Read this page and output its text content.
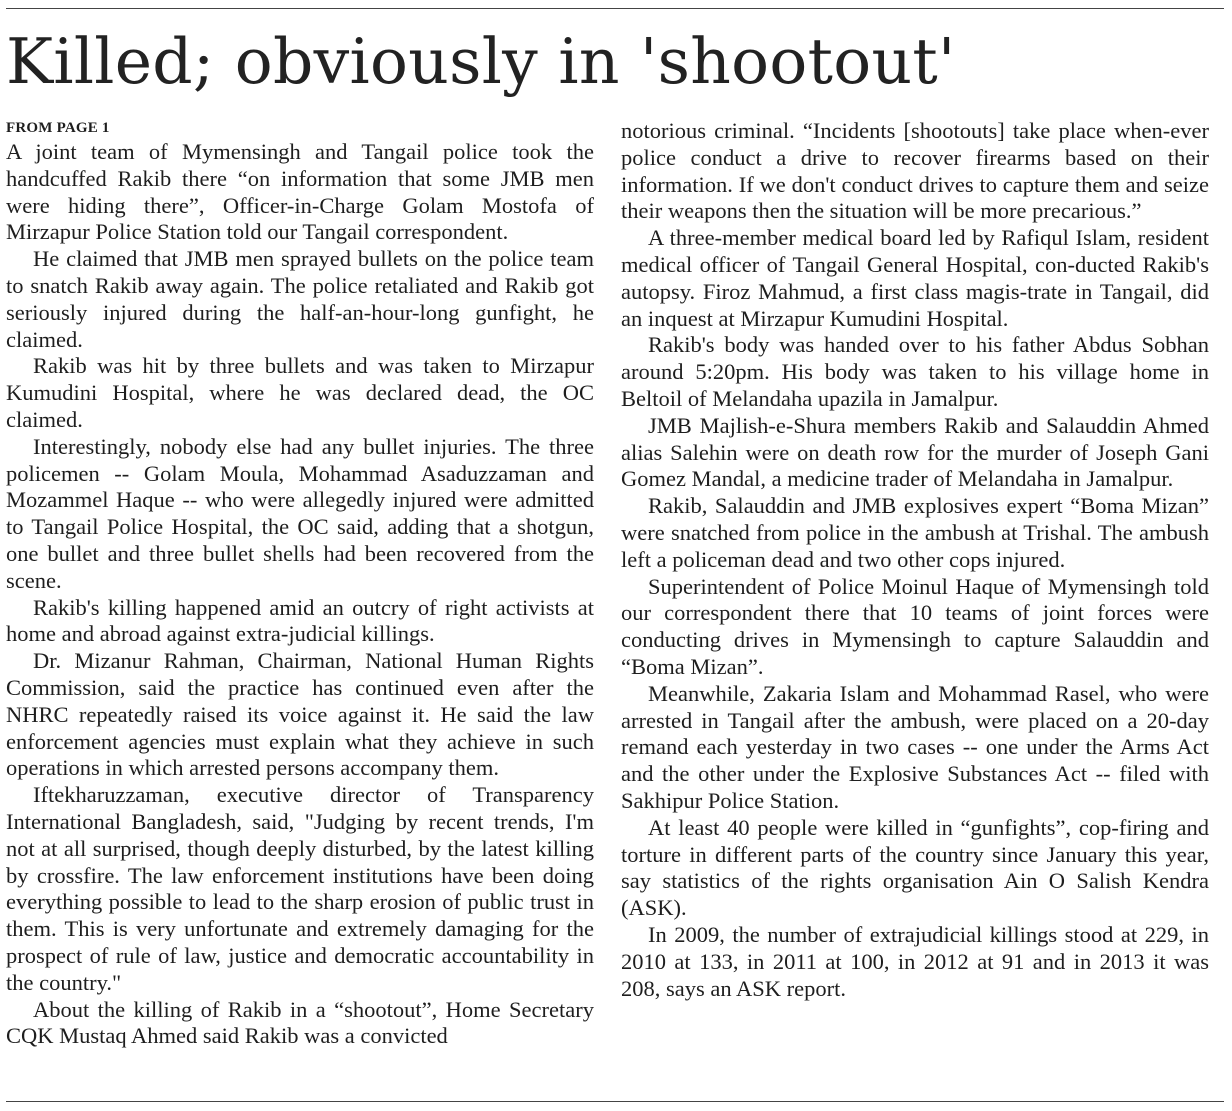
Killed; obviously in 'shootout'
FROM PAGE 1

A joint team of Mymensingh and Tangail police took the handcuffed Rakib there “on information that some JMB men were hiding there”, Officer-in-Charge Golam Mostofa of Mirzapur Police Station told our Tangail correspondent.

He claimed that JMB men sprayed bullets on the police team to snatch Rakib away again. The police retaliated and Rakib got seriously injured during the half-an-hour-long gunfight, he claimed.

Rakib was hit by three bullets and was taken to Mirzapur Kumudini Hospital, where he was declared dead, the OC claimed.

Interestingly, nobody else had any bullet injuries. The three policemen -- Golam Moula, Mohammad Asaduzzaman and Mozammel Haque -- who were allegedly injured were admitted to Tangail Police Hospital, the OC said, adding that a shotgun, one bullet and three bullet shells had been recovered from the scene.

Rakib's killing happened amid an outcry of right activists at home and abroad against extra-judicial killings.

Dr. Mizanur Rahman, Chairman, National Human Rights Commission, said the practice has continued even after the NHRC repeatedly raised its voice against it. He said the law enforcement agencies must explain what they achieve in such operations in which arrested persons accompany them.

Iftekharuzzaman, executive director of Transparency International Bangladesh, said, "Judging by recent trends, I'm not at all surprised, though deeply disturbed, by the latest killing by crossfire. The law enforcement institutions have been doing everything possible to lead to the sharp erosion of public trust in them. This is very unfortunate and extremely damaging for the prospect of rule of law, justice and democratic accountability in the country."

About the killing of Rakib in a “shootout”, Home Secretary CQK Mustaq Ahmed said Rakib was a convicted

notorious criminal. “Incidents [shootouts] take place when-ever police conduct a drive to recover firearms based on their information. If we don't conduct drives to capture them and seize their weapons then the situation will be more precarious.”

A three-member medical board led by Rafiqul Islam, resident medical officer of Tangail General Hospital, con-ducted Rakib's autopsy. Firoz Mahmud, a first class magis-trate in Tangail, did an inquest at Mirzapur Kumudini Hospital.

Rakib's body was handed over to his father Abdus Sobhan around 5:20pm. His body was taken to his village home in Beltoil of Melandaha upazila in Jamalpur.

JMB Majlish-e-Shura members Rakib and Salauddin Ahmed alias Salehin were on death row for the murder of Joseph Gani Gomez Mandal, a medicine trader of Melandaha in Jamalpur.

Rakib, Salauddin and JMB explosives expert “Boma Mizan” were snatched from police in the ambush at Trishal. The ambush left a policeman dead and two other cops injured.

Superintendent of Police Moinul Haque of Mymensingh told our correspondent there that 10 teams of joint forces were conducting drives in Mymensingh to capture Salauddin and “Boma Mizan”.

Meanwhile, Zakaria Islam and Mohammad Rasel, who were arrested in Tangail after the ambush, were placed on a 20-day remand each yesterday in two cases -- one under the Arms Act and the other under the Explosive Substances Act -- filed with Sakhipur Police Station.

At least 40 people were killed in “gunfights”, cop-firing and torture in different parts of the country since January this year, say statistics of the rights organisation Ain O Salish Kendra (ASK).

In 2009, the number of extrajudicial killings stood at 229, in 2010 at 133, in 2011 at 100, in 2012 at 91 and in 2013 it was 208, says an ASK report.
